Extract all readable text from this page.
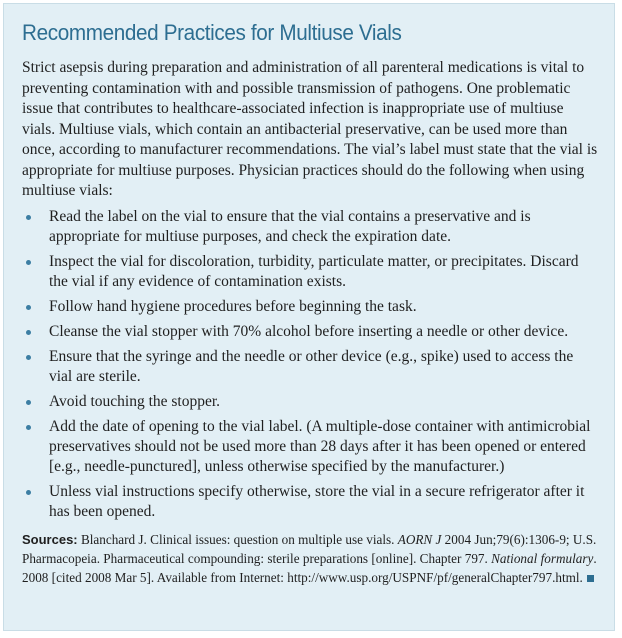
Recommended Practices for Multiuse Vials

Strict asepsis during preparation and administration of all parenteral medications is vital to preventing contamination with and possible transmission of pathogens. One problematic issue that contributes to healthcare-associated infection is inappropriate use of multiuse vials. Multiuse vials, which contain an antibacterial preservative, can be used more than once, according to manufacturer recommendations. The vial’s label must state that the vial is appropriate for multiuse purposes. Physician practices should do the following when using multiuse vials:

Read the label on the vial to ensure that the vial contains a preservative and is appropriate for multiuse purposes, and check the expiration date.
Inspect the vial for discoloration, turbidity, particulate matter, or precipitates. Discard the vial if any evidence of contamination exists.
Follow hand hygiene procedures before beginning the task.
Cleanse the vial stopper with 70% alcohol before inserting a needle or other device.
Ensure that the syringe and the needle or other device (e.g., spike) used to access the vial are sterile.
Avoid touching the stopper.
Add the date of opening to the vial label. (A multiple-dose container with antimicrobial preservatives should not be used more than 28 days after it has been opened or entered [e.g., needle-punctured], unless otherwise specified by the manufacturer.)
Unless vial instructions specify otherwise, store the vial in a secure refrigerator after it has been opened.

Sources: Blanchard J. Clinical issues: question on multiple use vials. AORN J 2004 Jun;79(6):1306-9; U.S. Pharmacopeia. Pharmaceutical compounding: sterile preparations [online]. Chapter 797. National formulary. 2008 [cited 2008 Mar 5]. Available from Internet: http://www.usp.org/USPNF/pf/generalChapter797.html.
